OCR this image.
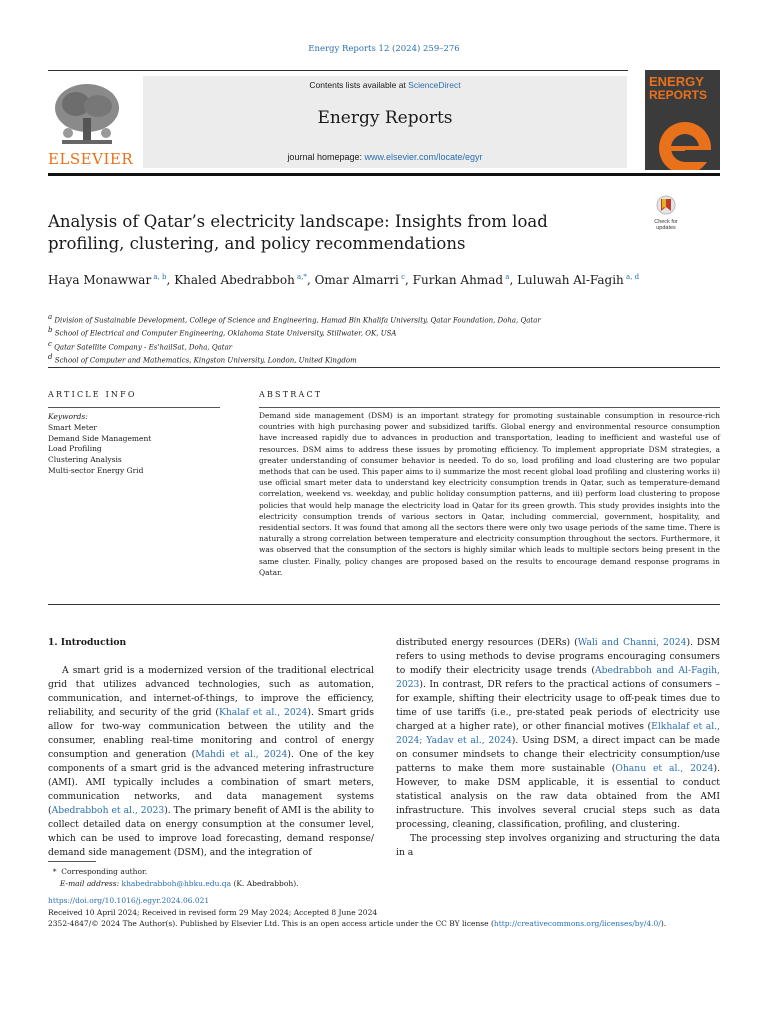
Energy Reports 12 (2024) 259–276
ELSEVIER
Contents lists available at ScienceDirect
Energy Reports
journal homepage: www.elsevier.com/locate/egyr
ENERGY
REPORTS
Analysis of Qatar’s electricity landscape: Insights from load profiling, clustering, and policy recommendations
Check for
updates
Haya Monawwar $^{a, b}$, Khaled Abedrabboh $^{a,*}$, Omar Almarri $^c$, Furkan Ahmad $^a$, Luluwah Al-Fagih $^{a, d}$
$^a$ Division of Sustainable Development, College of Science and Engineering, Hamad Bin Khalifa University, Qatar Foundation, Doha, Qatar
$^b$ School of Electrical and Computer Engineering, Oklahoma State University, Stillwater, OK, USA
$^c$ Qatar Satellite Company - Es’hailSat, Doha, Qatar
$^d$ School of Computer and Mathematics, Kingston University, London, United Kingdom
ARTICLE INFO	ABSTRACT
Keywords:
Smart Meter
Demand Side Management
Load Profiling
Clustering Analysis
Multi-sector Energy Grid
Demand side management (DSM) is an important strategy for promoting sustainable consumption in resource-rich countries with high purchasing power and subsidized tariffs. Global energy and environmental resource consumption have increased rapidly due to advances in production and transportation, leading to inefficient and wasteful use of resources. DSM aims to address these issues by promoting efficiency. To implement appropriate DSM strategies, a greater understanding of consumer behavior is needed. To do so, load profiling and load clustering are two popular methods that can be used. This paper aims to i) summarize the most recent global load profiling and clustering works ii) use official smart meter data to understand key electricity consumption trends in Qatar, such as temperature-demand correlation, weekend vs. weekday, and public holiday consumption patterns, and iii) perform load clustering to propose policies that would help manage the electricity load in Qatar for its green growth. This study provides insights into the electricity consumption trends of various sectors in Qatar, including commercial, government, hospitality, and residential sectors. It was found that among all the sectors there were only two usage periods of the same time. There is naturally a strong correlation between temperature and electricity consumption throughout the sectors. Furthermore, it was observed that the consumption of the sectors is highly similar which leads to multiple sectors being present in the same cluster. Finally, policy changes are proposed based on the results to encourage demand response programs in Qatar.

1. Introduction

A smart grid is a modernized version of the traditional electrical grid that utilizes advanced technologies, such as automation, communication, and internet-of-things, to improve the efficiency, reliability, and security of the grid (Khalaf et al., 2024). Smart grids allow for two-way communication between the utility and the consumer, enabling real-time monitoring and control of energy consumption and generation (Mahdi et al., 2024). One of the key components of a smart grid is the advanced metering infrastructure (AMI). AMI typically includes a combination of smart meters, communication networks, and data management systems (Abedrabboh et al., 2023). The primary benefit of AMI is the ability to collect detailed data on energy consumption at the consumer level, which can be used to improve load forecasting, demand response/ demand side management (DSM), and the integration of

distributed energy resources (DERs) (Wali and Channi, 2024). DSM refers to using methods to devise programs encouraging consumers to modify their electricity usage trends (Abedrabboh and Al-Fagih, 2023). In contrast, DR refers to the practical actions of consumers – for example, shifting their electricity usage to off-peak times due to time of use tariffs (i.e., pre-stated peak periods of electricity use charged at a higher rate), or other financial motives (Elkhalaf et al., 2024; Yadav et al., 2024). Using DSM, a direct impact can be made on consumer mindsets to change their electricity consumption/use patterns to make them more sustainable (Ohanu et al., 2024). However, to make DSM applicable, it is essential to conduct statistical analysis on the raw data obtained from the AMI infrastructure. This involves several crucial steps such as data processing, cleaning, classification, profiling, and clustering.

The processing step involves organizing and structuring the data in a

*  Corresponding author.

E-mail address: khabedrabboh@hbku.edu.qa (K. Abedrabboh).

https://doi.org/10.1016/j.egyr.2024.06.021

Received 10 April 2024; Received in revised form 29 May 2024; Accepted 8 June 2024

2352-4847/© 2024 The Author(s). Published by Elsevier Ltd. This is an open access article under the CC BY license (http://creativecommons.org/licenses/by/4.0/).
